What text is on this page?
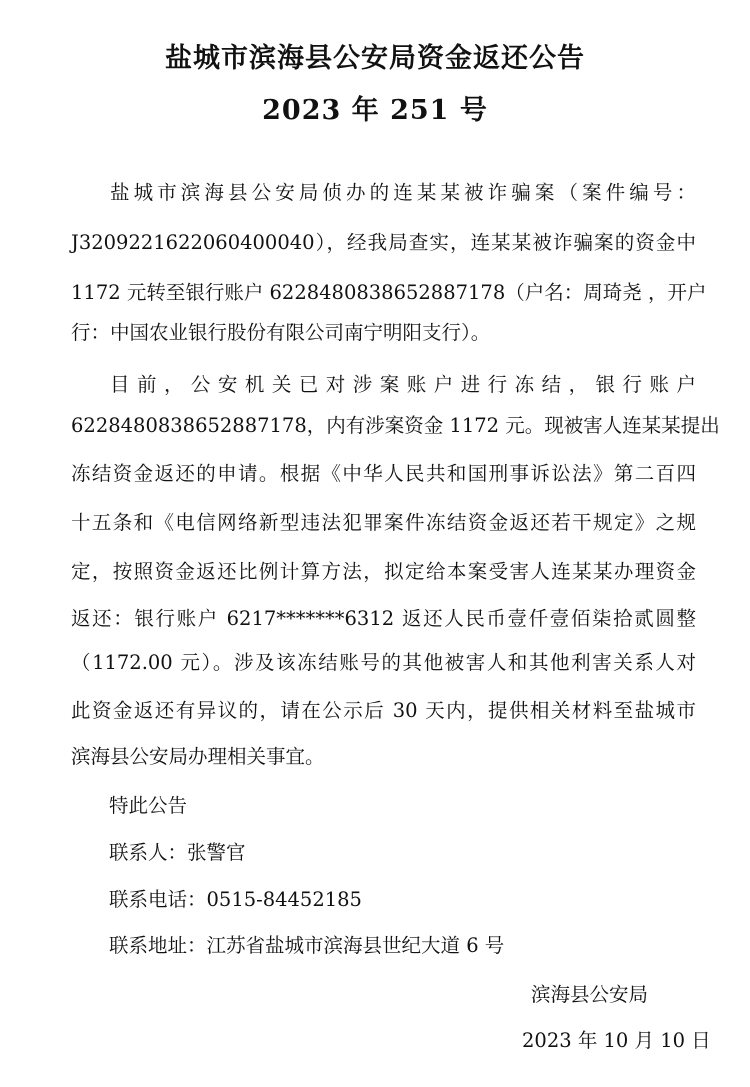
盐城市滨海县公安局资金返还公告
2023 年 251 号
盐城市滨海县公安局侦办的连某某被诈骗案（案件编号：
J3209221622060400040），经我局查实，连某某被诈骗案的资金中
1172 元转至银行账户 6228480838652887178（户名：周琦尧 ，开户
行：中国农业银行股份有限公司南宁明阳支行）。
目前，公安机关已对涉案账户进行冻结，银行账户
6228480838652887178，内有涉案资金 1172 元。现被害人连某某提出
冻结资金返还的申请。根据《中华人民共和国刑事诉讼法》第二百四
十五条和《电信网络新型违法犯罪案件冻结资金返还若干规定》之规
定，按照资金返还比例计算方法，拟定给本案受害人连某某办理资金
返还：银行账户 6217*******6312 返还人民币壹仟壹佰柒拾贰圆整
（1172.00 元）。涉及该冻结账号的其他被害人和其他利害关系人对
此资金返还有异议的，请在公示后 30 天内，提供相关材料至盐城市
滨海县公安局办理相关事宜。
特此公告
联系人：张警官
联系电话：0515-84452185
联系地址：江苏省盐城市滨海县世纪大道 6 号
滨海县公安局
2023 年 10 月 10 日
